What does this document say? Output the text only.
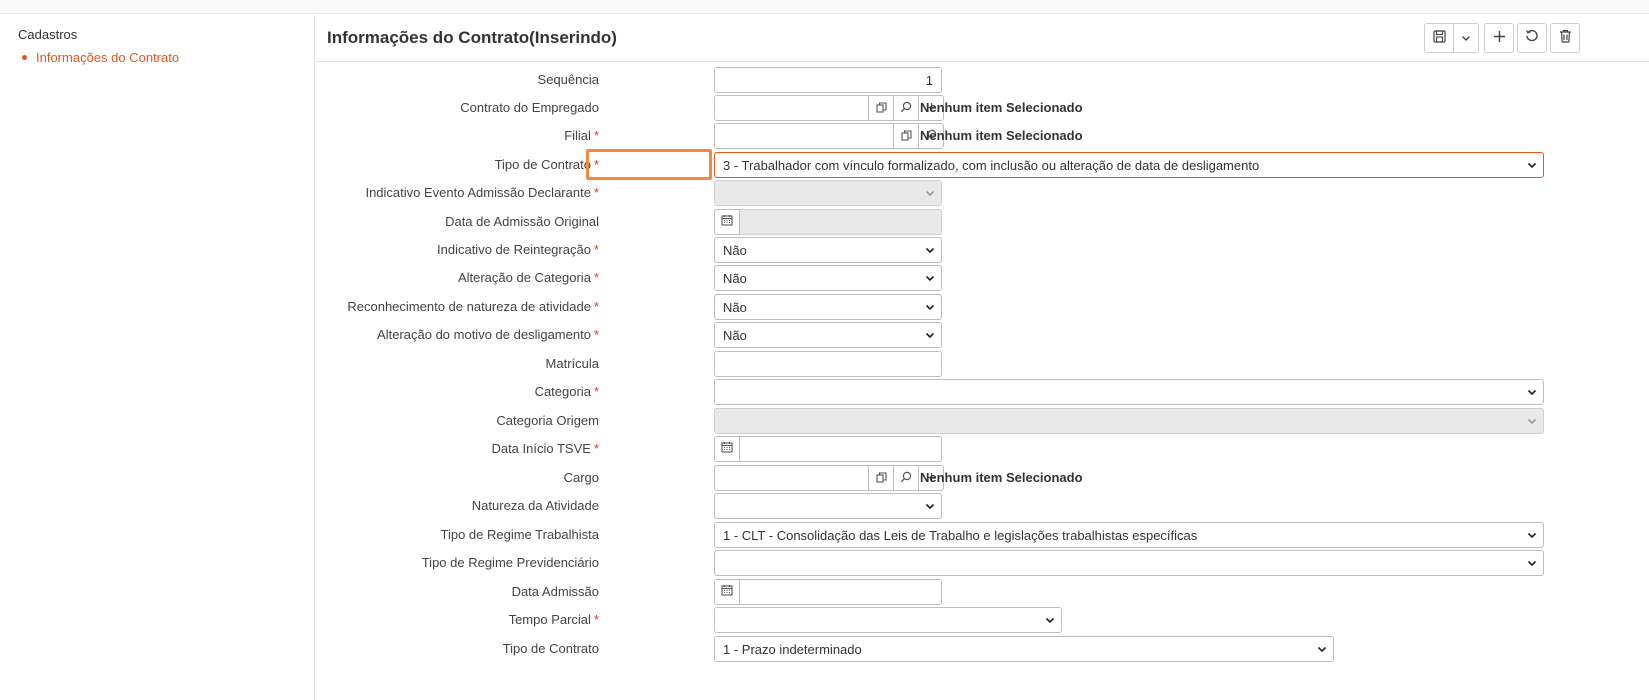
Cadastros
Informações do Contrato
Informações do Contrato(Inserindo)
Sequência	1
Contrato do Empregado	Nenhum item Selecionado
Filial *	Nenhum item Selecionado
Tipo de Contrato *	3 - Trabalhador com vínculo formalizado, com inclusão ou alteração de data de desligamento
Indicativo Evento Admissão Declarante *
Data de Admissão Original
Indicativo de Reintegração *	Não
Alteração de Categoria *	Não
Reconhecimento de natureza de atividade *	Não
Alteração do motivo de desligamento *	Não
Matrícula
Categoria *
Categoria Origem
Data Início TSVE *
Cargo	Nenhum item Selecionado
Natureza da Atividade
Tipo de Regime Trabalhista	1 - CLT - Consolidação das Leis de Trabalho e legislações trabalhistas específicas
Tipo de Regime Previdenciário
Data Admissão
Tempo Parcial *
Tipo de Contrato	1 - Prazo indeterminado
